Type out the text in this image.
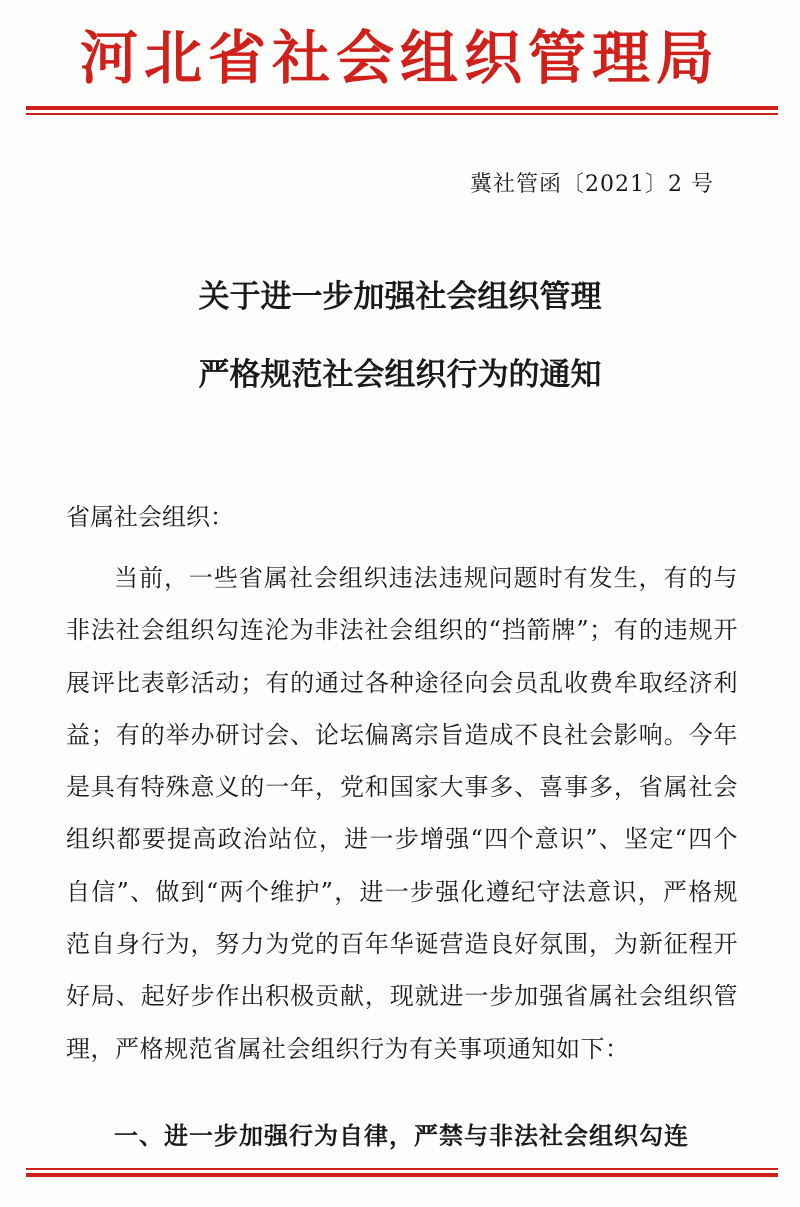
河北省社会组织管理局
冀社管函〔2021〕2 号
关于进一步加强社会组织管理
严格规范社会组织行为的通知
省属社会组织：

当前，一些省属社会组织违法违规问题时有发生，有的与非法社会组织勾连沦为非法社会组织的“挡箭牌”；有的违规开展评比表彰活动；有的通过各种途径向会员乱收费牟取经济利益；有的举办研讨会、论坛偏离宗旨造成不良社会影响。今年是具有特殊意义的一年，党和国家大事多、喜事多，省属社会组织都要提高政治站位，进一步增强“四个意识”、坚定“四个自信”、做到“两个维护”，进一步强化遵纪守法意识，严格规范自身行为，努力为党的百年华诞营造良好氛围，为新征程开好局、起好步作出积极贡献，现就进一步加强省属社会组织管理，严格规范省属社会组织行为有关事项通知如下：

一、进一步加强行为自律，严禁与非法社会组织勾连
